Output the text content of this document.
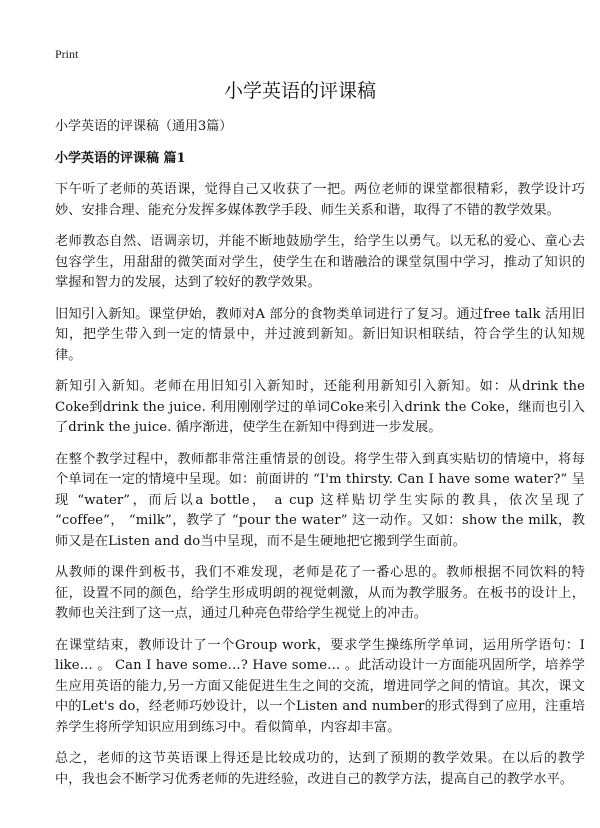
Print
小学英语的评课稿
小学英语的评课稿（通用3篇）
小学英语的评课稿 篇1

下午听了老师的英语课，觉得自己又收获了一把。两位老师的课堂都很精彩，教学设计巧妙、安排合理、能充分发挥多媒体教学手段、师生关系和谐，取得了不错的教学效果。

老师教态自然、语调亲切，并能不断地鼓励学生，给学生以勇气。以无私的爱心、童心去包容学生，用甜甜的微笑面对学生，使学生在和谐融洽的课堂氛围中学习，推动了知识的掌握和智力的发展，达到了较好的教学效果。

旧知引入新知。课堂伊始，教师对A 部分的食物类单词进行了复习。通过free talk 活用旧知，把学生带入到一定的情景中，并过渡到新知。新旧知识相联结，符合学生的认知规律。

新知引入新知。老师在用旧知引入新知时，还能利用新知引入新知。如：从drink the Coke到drink the juice. 利用刚刚学过的单词Coke来引入drink the Coke，继而也引入了drink the juice. 循序渐进，使学生在新知中得到进一步发展。

在整个教学过程中，教师都非常注重情景的创设。将学生带入到真实贴切的情境中，将每个单词在一定的情境中呈现。如：前面讲的 “I'm thirsty. Can I have some water?” 呈现 “water”，而后以a bottle， a cup 这样贴切学生实际的教具，依次呈现了 “coffee”， “milk”，教学了 “pour the water” 这一动作。又如：show the milk，教师又是在Listen and do当中呈现，而不是生硬地把它搬到学生面前。

从教师的课件到板书，我们不难发现，老师是花了一番心思的。教师根据不同饮料的特征，设置不同的颜色，给学生形成明朗的视觉刺激，从而为教学服务。在板书的设计上，教师也关注到了这一点，通过几种亮色带给学生视觉上的冲击。

在课堂结束，教师设计了一个Group work，要求学生操练所学单词，运用所学语句：I like… 。 Can I have some…? Have some… 。此活动设计一方面能巩固所学，培养学生应用英语的能力,另一方面又能促进生生之间的交流，增进同学之间的情谊。其次，课文中的Let's do，经老师巧妙设计，以一个Listen and number的形式得到了应用，注重培养学生将所学知识应用到练习中。看似简单，内容却丰富。

总之，老师的这节英语课上得还是比较成功的，达到了预期的教学效果。在以后的教学中，我也会不断学习优秀老师的先进经验，改进自己的教学方法，提高自己的教学水平。
